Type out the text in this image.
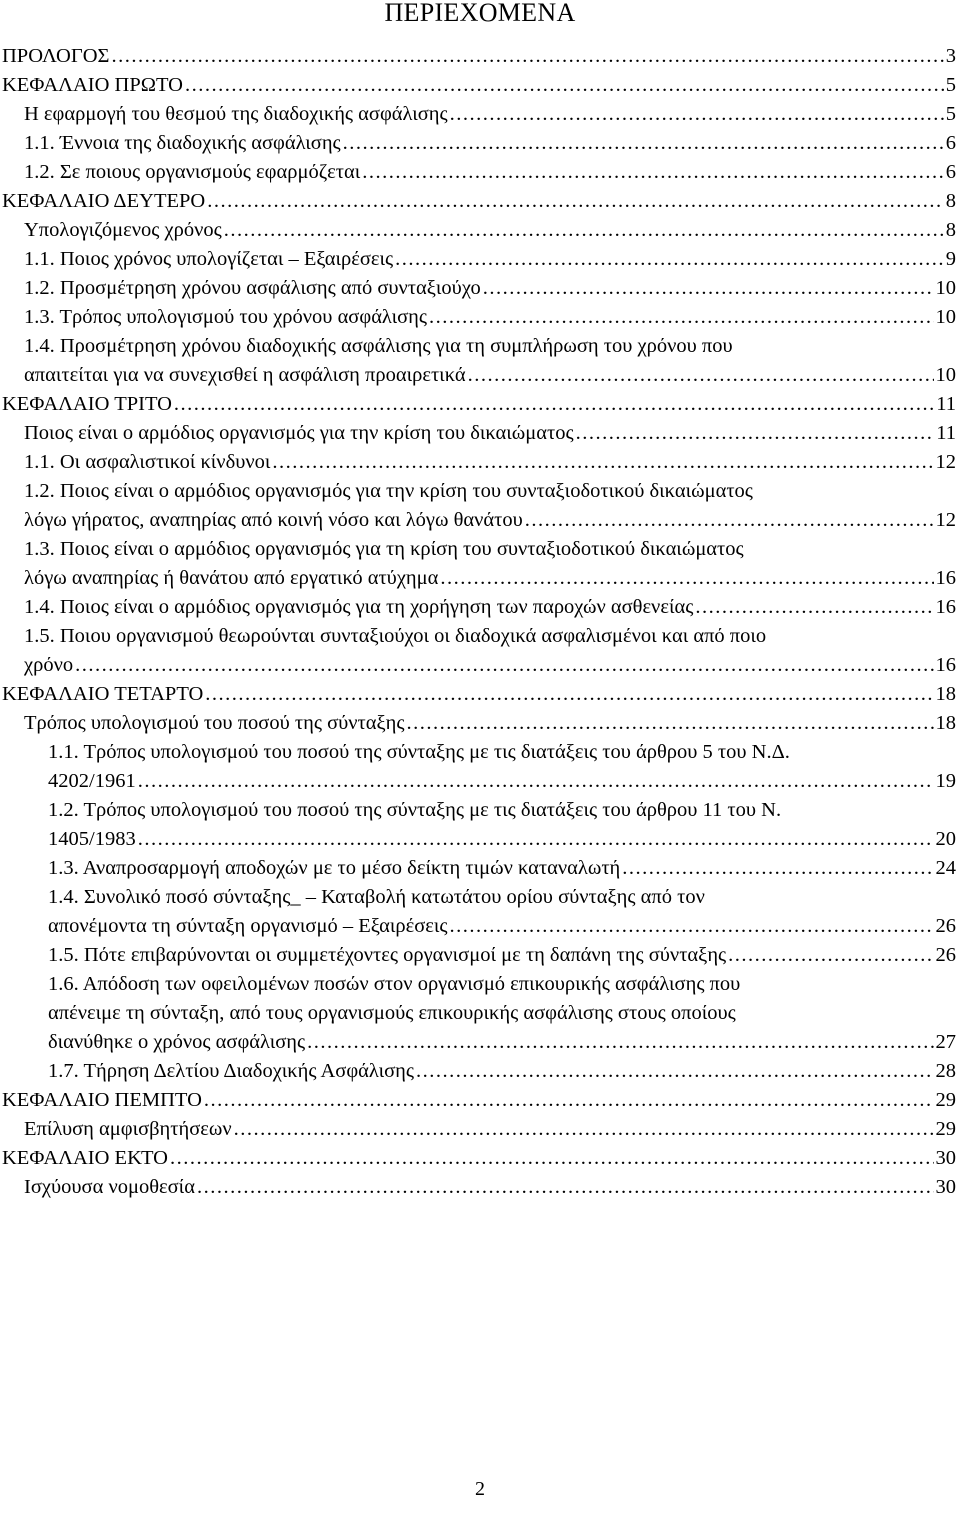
ΠΕΡΙΕΧΟΜΕΝΑ
ΠΡΟΛΟΓΟΣ .....	3
ΚΕΦΑΛΑΙΟ ΠΡΩΤΟ .....	5
Η εφαρμογή του θεσμού της διαδοχικής ασφάλισης .....	5
1.1. Έννοια της διαδοχικής ασφάλισης .....	6
1.2. Σε ποιους οργανισμούς εφαρμόζεται .....	6
ΚΕΦΑΛΑΙΟ ΔΕΥΤΕΡΟ .....	8
Υπολογιζόμενος χρόνος .....	8
1.1. Ποιος χρόνος υπολογίζεται – Εξαιρέσεις .....	9
1.2. Προσμέτρηση χρόνου ασφάλισης από συνταξιούχο .....	10
1.3. Τρόπος υπολογισμού του χρόνου ασφάλισης .....	10
1.4. Προσμέτρηση χρόνου διαδοχικής ασφάλισης για τη συμπλήρωση του χρόνου που
απαιτείται για να συνεχισθεί η ασφάλιση προαιρετικά .....	10
ΚΕΦΑΛΑΙΟ ΤΡΙΤΟ .....	11
Ποιος είναι ο αρμόδιος οργανισμός για την κρίση του δικαιώματος .....	11
1.1. Οι ασφαλιστικοί κίνδυνοι .....	12
1.2. Ποιος είναι ο αρμόδιος οργανισμός για την κρίση του συνταξιοδοτικού δικαιώματος
λόγω γήρατος, αναπηρίας από κοινή νόσο και λόγω θανάτου .....	12
1.3. Ποιος είναι ο αρμόδιος οργανισμός για τη κρίση του συνταξιοδοτικού δικαιώματος
λόγω αναπηρίας ή θανάτου από εργατικό ατύχημα .....	16
1.4. Ποιος είναι ο αρμόδιος οργανισμός για τη χορήγηση των παροχών ασθενείας .....	16
1.5. Ποιου οργανισμού θεωρούνται συνταξιούχοι οι διαδοχικά ασφαλισμένοι και από ποιο
χρόνο .....	16
ΚΕΦΑΛΑΙΟ ΤΕΤΑΡΤΟ .....	18
Τρόπος υπολογισμού του ποσού της σύνταξης .....	18
1.1. Τρόπος υπολογισμού του ποσού της σύνταξης με τις διατάξεις του άρθρου 5 του Ν.Δ.
4202/1961 .....	19
1.2. Τρόπος υπολογισμού του ποσού της σύνταξης με τις διατάξεις του άρθρου 11 του Ν.
1405/1983 .....	20
1.3. Αναπροσαρμογή αποδοχών με το μέσο δείκτη τιμών καταναλωτή .....	24
1.4. Συνολικό ποσό σύνταξης_ – Καταβολή κατωτάτου ορίου σύνταξης από τον
απονέμοντα τη σύνταξη οργανισμό – Εξαιρέσεις .....	26
1.5. Πότε επιβαρύνονται οι συμμετέχοντες οργανισμοί με τη δαπάνη της σύνταξης .....	26
1.6. Απόδοση των οφειλομένων ποσών στον οργανισμό επικουρικής ασφάλισης που
απένειμε τη σύνταξη, από τους οργανισμούς επικουρικής ασφάλισης στους οποίους
διανύθηκε ο χρόνος ασφάλισης .....	27
1.7. Τήρηση Δελτίου Διαδοχικής Ασφάλισης .....	28
ΚΕΦΑΛΑΙΟ ΠΕΜΠΤΟ .....	29
Επίλυση αμφισβητήσεων .....	29
ΚΕΦΑΛΑΙΟ ΕΚΤΟ .....	30
Ισχύουσα νομοθεσία .....	30
2
